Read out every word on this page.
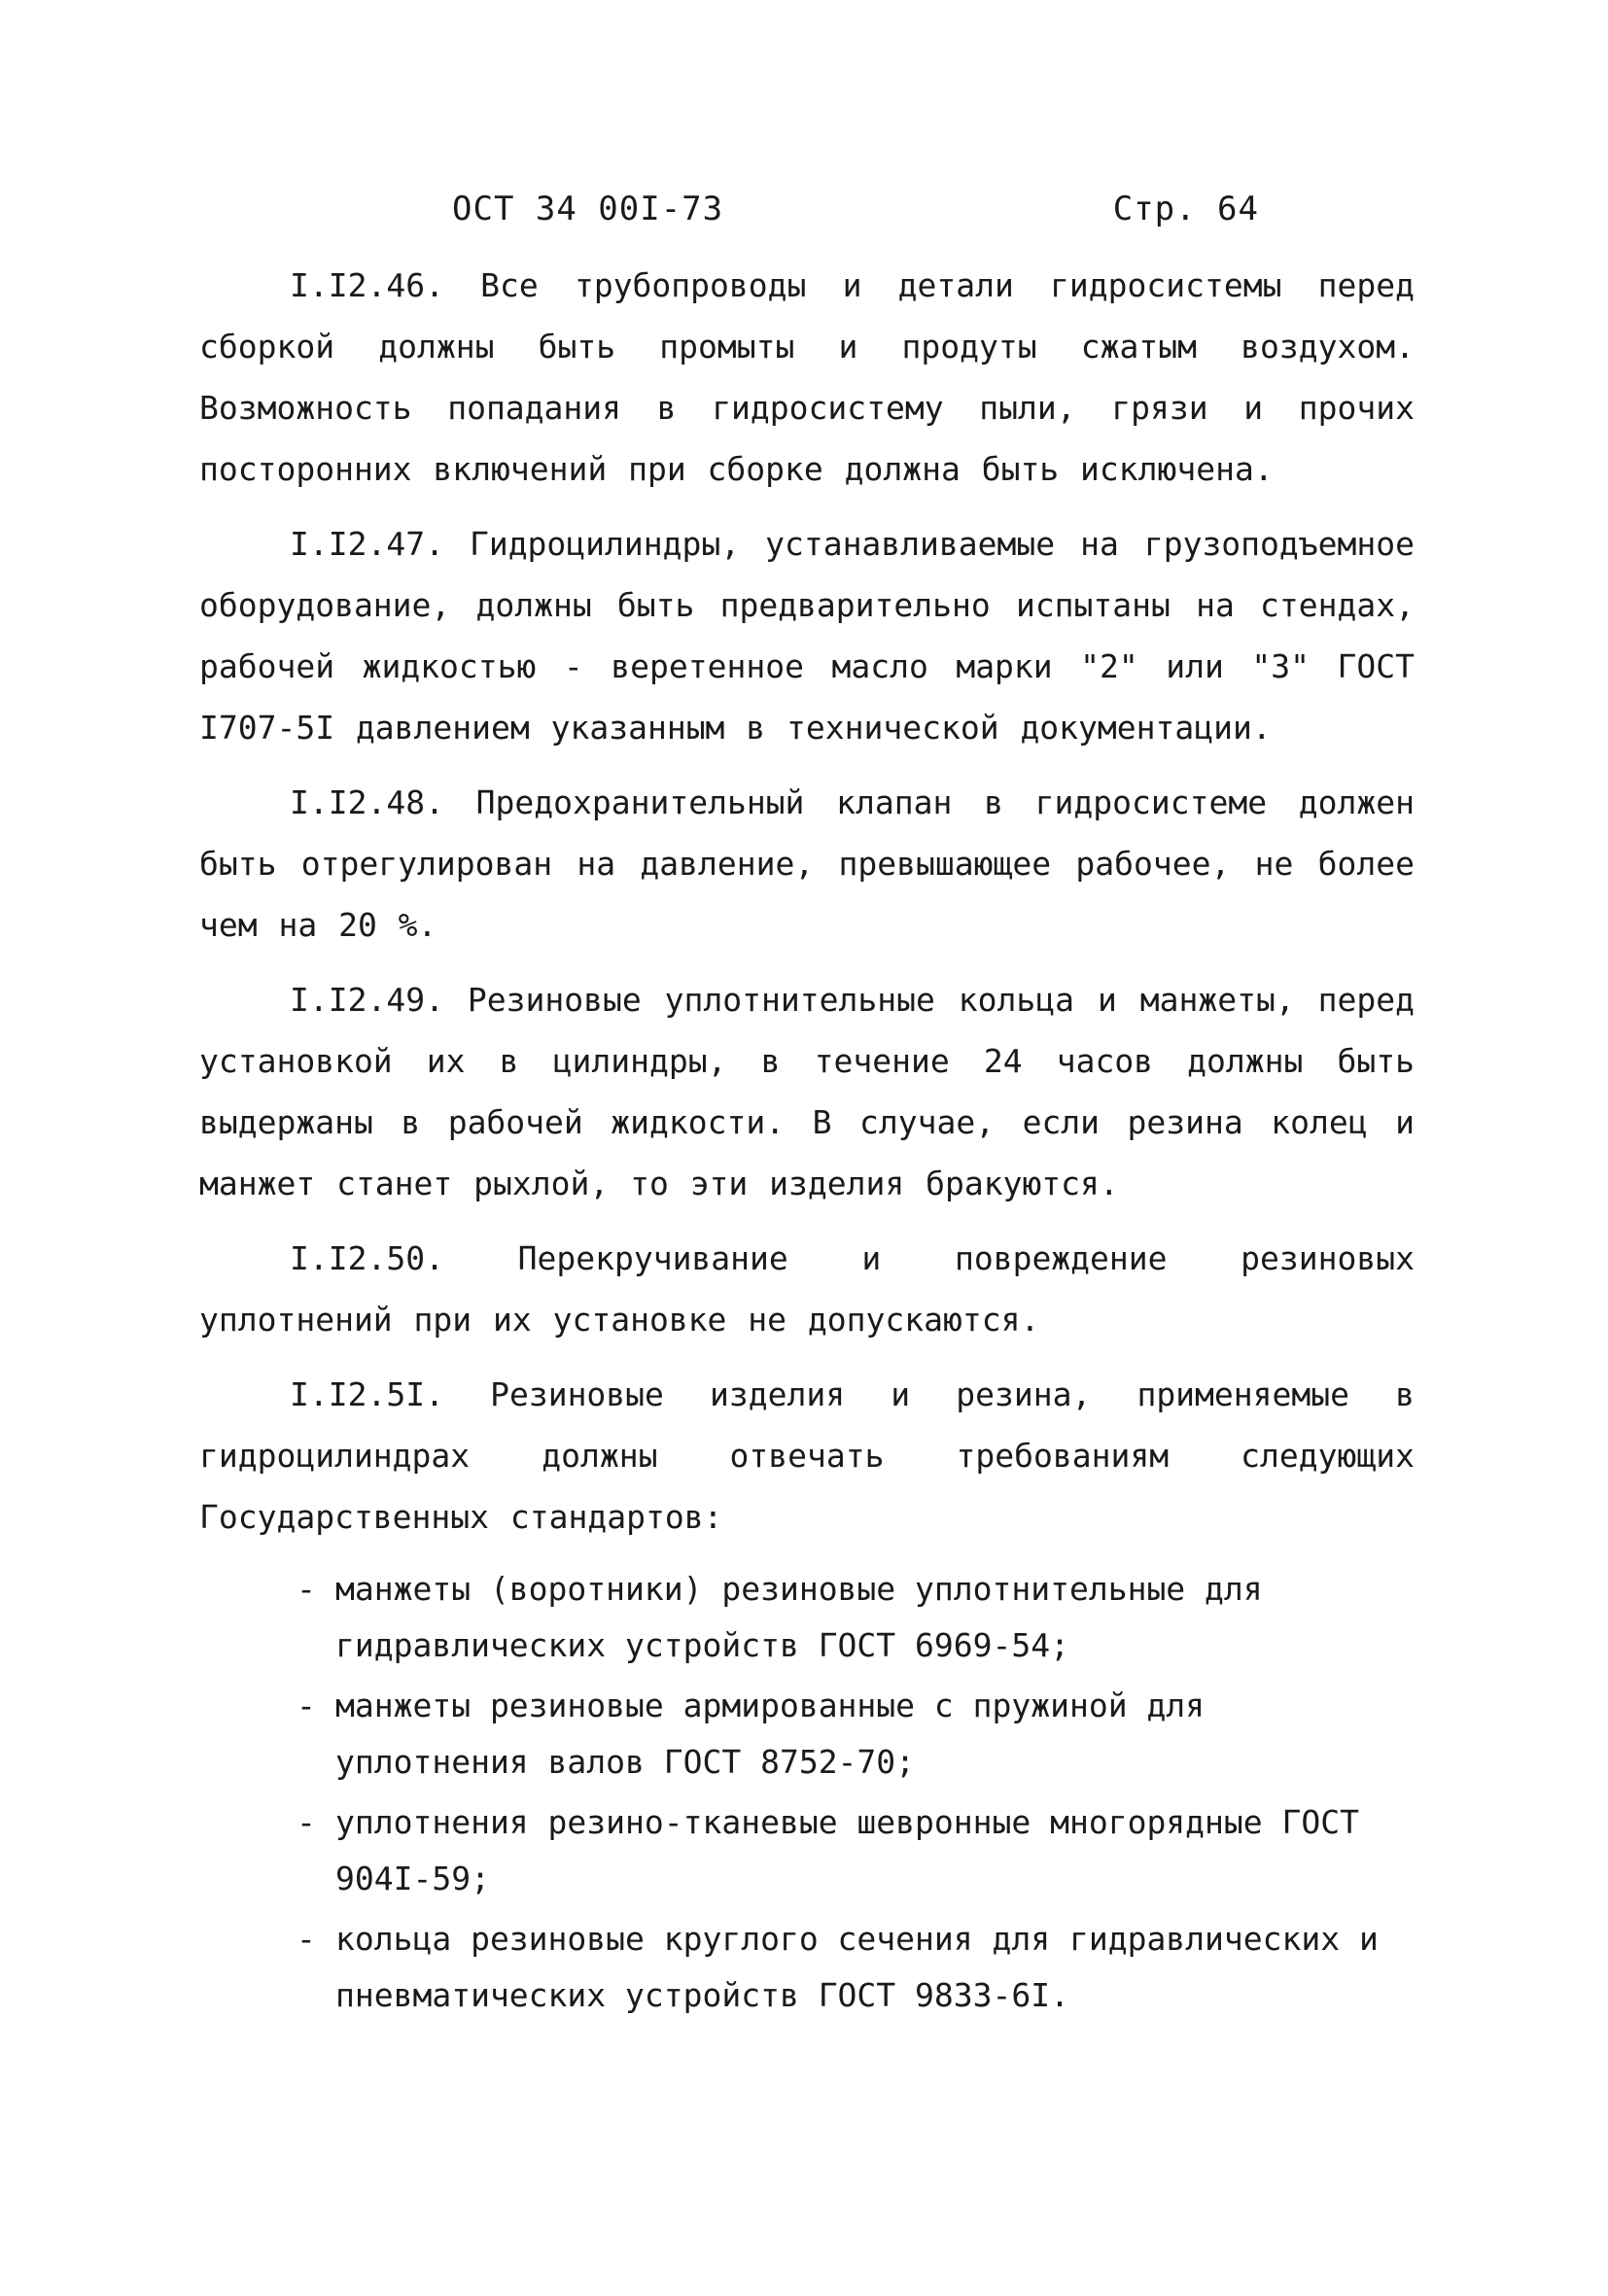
ОСТ 34 00I-73	Стр. 64

I.I2.46. Все трубопроводы и детали гидросистемы перед сборкой должны быть промыты и продуты сжатым воздухом. Возможность попадания в гидросистему пыли, грязи и прочих посторонних включений при сборке должна быть исключена.

I.I2.47. Гидроцилиндры, устанавливаемые на грузоподъемное оборудование, должны быть предварительно испытаны на стендах, рабочей жидкостью - веретенное масло марки "2" или "3" ГОСТ I707-5I давлением указанным в технической документации.

I.I2.48. Предохранительный клапан в гидросистеме должен быть отрегулирован на давление, превышающее рабочее, не более чем на 20 %.

I.I2.49. Резиновые уплотнительные кольца и манжеты, перед установкой их в цилиндры, в течение 24 часов должны быть выдержаны в рабочей жидкости. В случае, если резина колец и манжет станет рыхлой, то эти изделия бракуются.

I.I2.50. Перекручивание и повреждение резиновых уплотнений при их установке не допускаются.

I.I2.5I. Резиновые изделия и резина, применяемые в гидроцилиндрах должны отвечать требованиям следующих Государственных стандартов:

- манжеты (воротники) резиновые уплотнительные для гидравлических устройств ГОСТ 6969-54;
- манжеты резиновые армированные с пружиной для уплотнения валов ГОСТ 8752-70;
- уплотнения резино-тканевые шевронные многорядные ГОСТ 904I-59;
- кольца резиновые круглого сечения для гидравлических и пневматических устройств ГОСТ 9833-6I.
